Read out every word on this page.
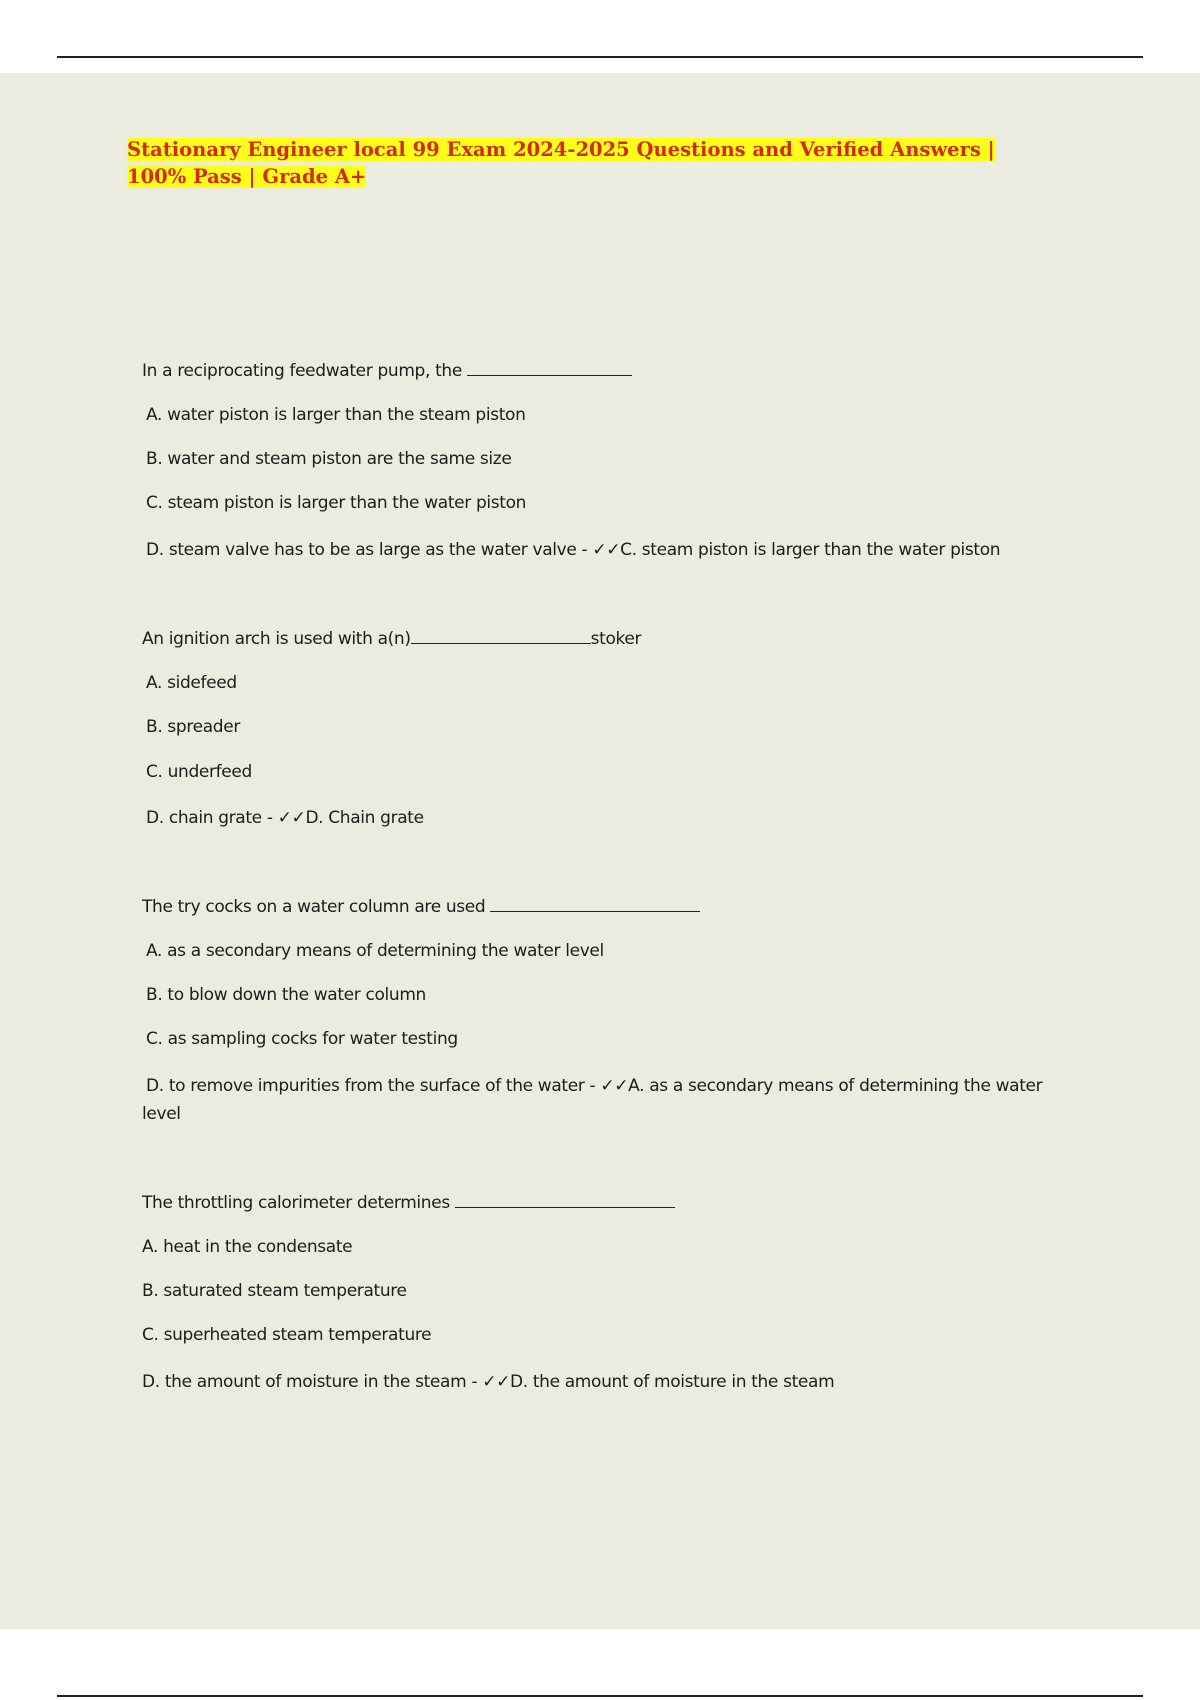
Stationary Engineer local 99 Exam 2024-2025 Questions and Verified Answers | 100% Pass | Grade A+
In a reciprocating feedwater pump, the
A. water piston is larger than the steam piston
B. water and steam piston are the same size
C. steam piston is larger than the water piston
D. steam valve has to be as large as the water valve - ✓✓C. steam piston is larger than the water piston
An ignition arch is used with a(n)	stoker
A. sidefeed
B. spreader
C. underfeed
D. chain grate - ✓✓D. Chain grate
The try cocks on a water column are used
A. as a secondary means of determining the water level
B. to blow down the water column
C. as sampling cocks for water testing
D. to remove impurities from the surface of the water - ✓✓A. as a secondary means of determining the water level
The throttling calorimeter determines
A. heat in the condensate
B. saturated steam temperature
C. superheated steam temperature
D. the amount of moisture in the steam - ✓✓D. the amount of moisture in the steam
